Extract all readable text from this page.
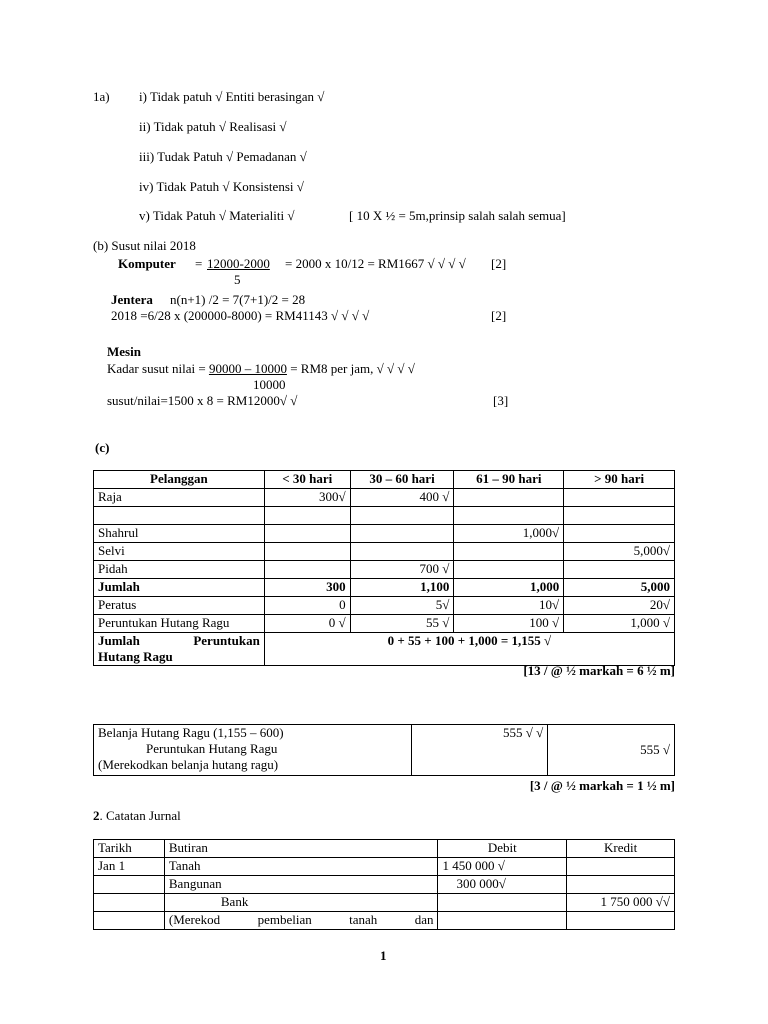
1a) i) Tidak patuh √ Entiti berasingan √
ii) Tidak patuh √ Realisasi √
iii) Tudak Patuh √ Pemadanan √
iv) Tidak Patuh √ Konsistensi √
v) Tidak Patuh √ Materialiti √	[ 10 X ½ = 5m,prinsip salah salah semua]
(b) Susut nilai 2018
Komputer = 12000-2000 = 2000 x 10/12 = RM1667 √ √ √ √ [2]
5
Jentera n(n+1) /2 = 7(7+1)/2 = 28
2018 =6/28 x (200000-8000) = RM41143 √ √ √ √	[2]
Mesin
Kadar susut nilai = 90000 – 10000 = RM8 per jam, √ √ √ √
10000
susut/nilai=1500 x 8 = RM12000√ √	[3]
(c)
Pelanggan	< 30 hari	30 – 60 hari	61 – 90 hari	> 90 hari
Raja	300√	400 √		

Shahrul			1,000√	
Selvi				5,000√
Pidah		700 √		
Jumlah	300	1,100	1,000	5,000
Peratus	0	5√	10√	20√
Peruntukan Hutang Ragu	0 √	55 √	100 √	1,000 √

Jumlah Peruntukan
Hutang Ragu	0 + 55 + 100 + 1,000 = 1,155 √			
[13 / @ ½ markah = 6 ½ m]
Belanja Hutang Ragu (1,155 – 600)
Peruntukan Hutang Ragu
(Merekodkan belanja hutang ragu)
	555 √ √	555 √
[3 / @ ½ markah = 1 ½ m]
2. Catatan Jurnal
Tarikh	Butiran	Debit	Kredit
Jan 1	Tanah	1 450 000 √	
	Bangunan	300 000√	
	Bank		1 750 000 √√

	(Merekod pembelian tanah dan		

1
